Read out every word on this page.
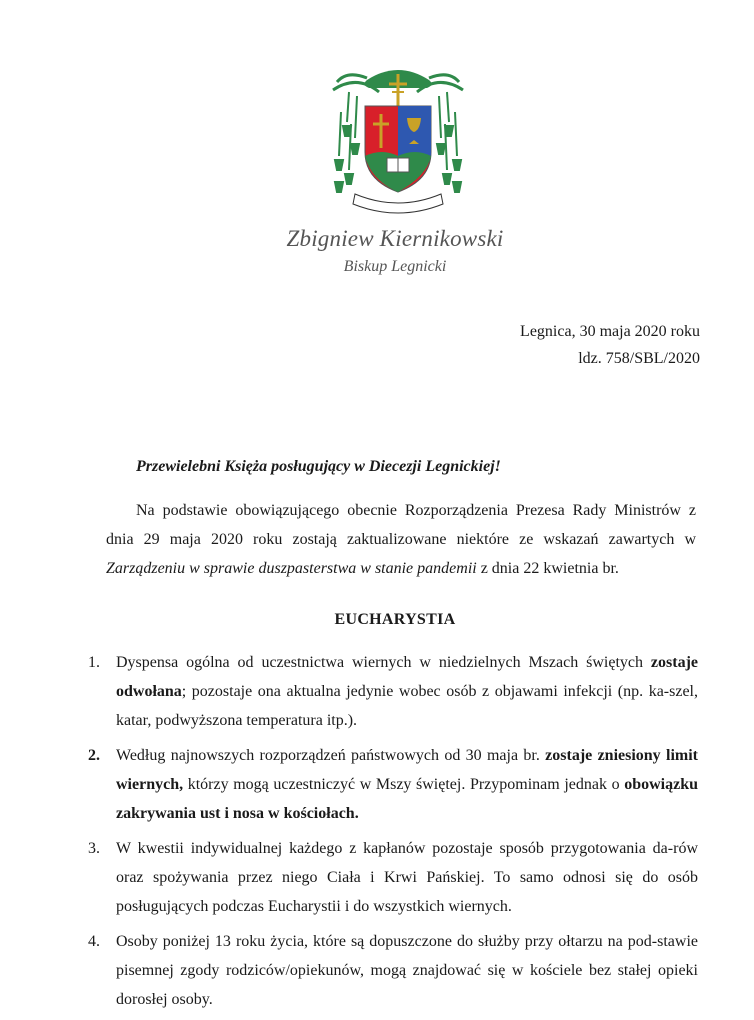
Zbigniew Kiernikowski
Biskup Legnicki
Legnica, 30 maja 2020 roku
ldz. 758/SBL/2020
Przewielebni Księża posługujący w Diecezji Legnickiej!
Na podstawie obowiązującego obecnie Rozporządzenia Prezesa Rady Ministrów z dnia 29 maja 2020 roku zostają zaktualizowane niektóre ze wskazań zawartych w Zarządzeniu w sprawie duszpasterstwa w stanie pandemii z dnia 22 kwietnia br.
EUCHARYSTIA
1.	Dyspensa ogólna od uczestnictwa wiernych w niedzielnych Mszach świętych zostaje odwołana; pozostaje ona aktualna jedynie wobec osób z objawami infekcji (np. ka-szel, katar, podwyższona temperatura itp.).
2.	Według najnowszych rozporządzeń państwowych od 30 maja br. zostaje zniesiony limit wiernych, którzy mogą uczestniczyć w Mszy świętej. Przypominam jednak o obowiązku zakrywania ust i nosa w kościołach.
3.	W kwestii indywidualnej każdego z kapłanów pozostaje sposób przygotowania da-rów oraz spożywania przez niego Ciała i Krwi Pańskiej. To samo odnosi się do osób posługujących podczas Eucharystii i do wszystkich wiernych.
4.	Osoby poniżej 13 roku życia, które są dopuszczone do służby przy ołtarzu na pod-stawie pisemnej zgody rodziców/opiekunów, mogą znajdować się w kościele bez stałej opieki dorosłej osoby.
